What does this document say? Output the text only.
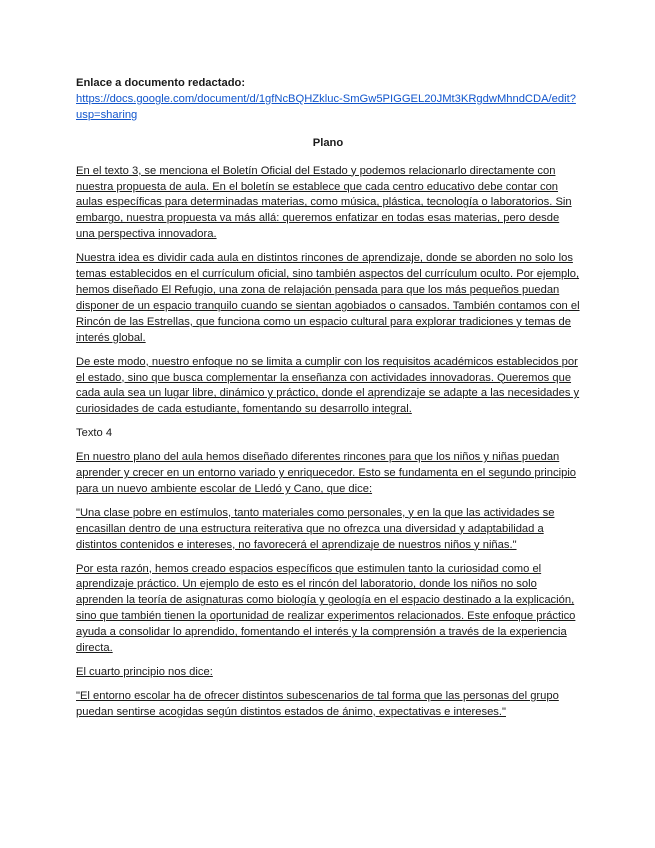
Enlace a documento redactado:

https://docs.google.com/document/d/1gfNcBQHZkluc-SmGw5PIGGEL20JMt3KRgdwMhndCDA/edit?usp=sharing

Plano

En el texto 3, se menciona el Boletín Oficial del Estado y podemos relacionarlo directamente con nuestra propuesta de aula. En el boletín se establece que cada centro educativo debe contar con aulas específicas para determinadas materias, como música, plástica, tecnología o laboratorios. Sin embargo, nuestra propuesta va más allá: queremos enfatizar en todas esas materias, pero desde una perspectiva innovadora.

Nuestra idea es dividir cada aula en distintos rincones de aprendizaje, donde se aborden no solo los temas establecidos en el currículum oficial, sino también aspectos del currículum oculto. Por ejemplo, hemos diseñado El Refugio, una zona de relajación pensada para que los más pequeños puedan disponer de un espacio tranquilo cuando se sientan agobiados o cansados. También contamos con el Rincón de las Estrellas, que funciona como un espacio cultural para explorar tradiciones y temas de interés global.

De este modo, nuestro enfoque no se limita a cumplir con los requisitos académicos establecidos por el estado, sino que busca complementar la enseñanza con actividades innovadoras. Queremos que cada aula sea un lugar libre, dinámico y práctico, donde el aprendizaje se adapte a las necesidades y curiosidades de cada estudiante, fomentando su desarrollo integral.

Texto 4

En nuestro plano del aula hemos diseñado diferentes rincones para que los niños y niñas puedan aprender y crecer en un entorno variado y enriquecedor. Esto se fundamenta en el segundo principio para un nuevo ambiente escolar de Lledó y Cano, que dice:

"Una clase pobre en estímulos, tanto materiales como personales, y en la que las actividades se encasillan dentro de una estructura reiterativa que no ofrezca una diversidad y adaptabilidad a distintos contenidos e intereses, no favorecerá el aprendizaje de nuestros niños y niñas."

Por esta razón, hemos creado espacios específicos que estimulen tanto la curiosidad como el aprendizaje práctico. Un ejemplo de esto es el rincón del laboratorio, donde los niños no solo aprenden la teoría de asignaturas como biología y geología en el espacio destinado a la explicación, sino que también tienen la oportunidad de realizar experimentos relacionados. Este enfoque práctico ayuda a consolidar lo aprendido, fomentando el interés y la comprensión a través de la experiencia directa.

El cuarto principio nos dice:

"El entorno escolar ha de ofrecer distintos subescenarios de tal forma que las personas del grupo puedan sentirse acogidas según distintos estados de ánimo, expectativas e intereses."
